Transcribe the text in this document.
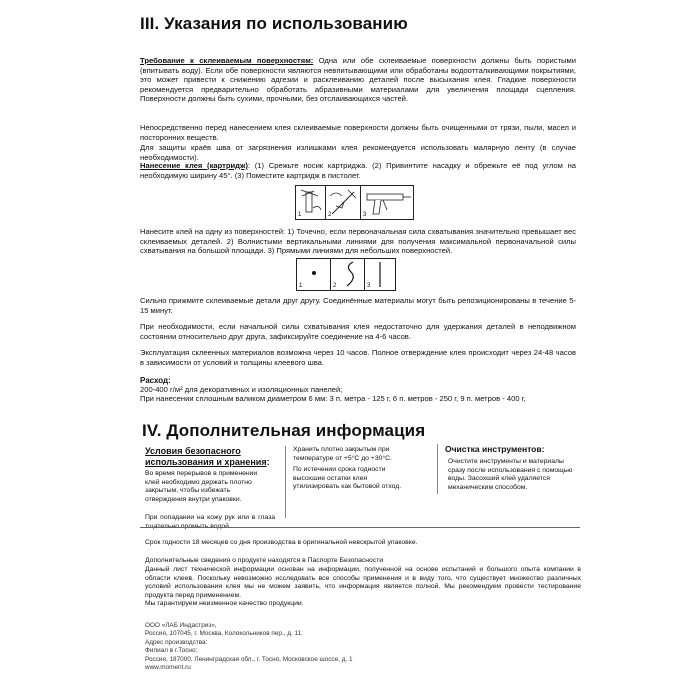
III. Указания по использованию
Требование к склеиваемым поверхностям: Одна или обе склеиваемые поверхности должны быть пористыми (впитывать воду). Если обе поверхности являются невпитывающими или обработаны водоотталкивающими покрытиями, это может привести к снижению адгезии и расклеиванию деталей после высыхания клея. Гладкие поверхности рекомендуется предварительно обработать абразивными материалами для увеличения площади сцепления. Поверхности должны быть сухими, прочными, без отслаивающихся частей.
Непосредственно перед нанесением клея склеиваемые поверхности должны быть очищенными от грязи, пыли, масел и посторонних веществ.
Для защиты краёв шва от загрязнения излишками клея рекомендуется использовать малярную ленту (в случае необходимости).
Нанесение клея (картридж): (1) Срежьте носик картриджа. (2) Привинтите насадку и обрежьте её под углом на необходимую ширину 45°. (3) Поместите картридж в пистолет.
1	2	3
Нанесите клей на одну из поверхностей: 1) Точечно, если первоначальная сила схватывания значительно превышает вес склеиваемых деталей. 2) Волнистыми вертикальными линиями для получения максимальной первоначальной силы схватывания на большой площади. 3) Прямыми линиями для небольших поверхностей.
1	2	3
Сильно прижмите склеиваемые детали друг другу. Соединённые материалы могут быть репозиционированы в течение 5-15 минут.
При необходимости, если начальной силы схватывания клея недостаточно для удержания деталей в неподвижном состоянии относительно друг друга, зафиксируйте соединение на 4-6 часов.
Эксплуатация склеенных материалов возможна через 10 часов. Полное отверждение клея происходит через 24-48 часов в зависимости от условий и толщины клеевого шва.
Расход:
200-400 г/м² для декоративных и изоляционных панелей;
При нанесении сплошным валиком диаметром 6 мм: 3 п. метра - 125 г, 6 п. метров - 250 г, 9 п. метров - 400 г,
IV. Дополнительная информация
Условия безопасного использования и хранения:
Во время перерывов в применении клей необходимо держать плотно закрытым, чтобы избежать отверждения внутри упаковки.
При попадании на кожу рук или в глаза тщательно промыть водой.
Хранить плотно закрытым при температуре от +5°С до +30°С.
По истечении срока годности высохшие остатки клея утилизировать как бытовой отход.
Очистка инструментов:
Очистите инструменты и материалы сразу после использования с помощью воды. Засохший клей удаляется механическим способом.
Срок годности 18 месяцев со дня производства в оригинальной невскрытой упаковке.
Дополнительные сведения о продукте находятся в Паспорте Безопасности
Данный лист технической информации основан на информации, полученной на основе испытаний и большого опыта компании в области клеев. Поскольку невозможно исследовать все способы применения и в виду того, что существует множество различных условий использования клея мы не можем заявить, что информация является полной. Мы рекомендуем провести тестирование продукта перед применением.
Мы гарантируем неизменное качество продукции.
ООО «ЛАБ Индастриз»,
Россия, 107045, г. Москва, Колокольников пер., д. 11;
Адрес производства:
Филиал в г.Тосно:
Россия, 187000, Ленинградская обл., г. Тосно, Московское шоссе, д. 1
www.moment.ru
